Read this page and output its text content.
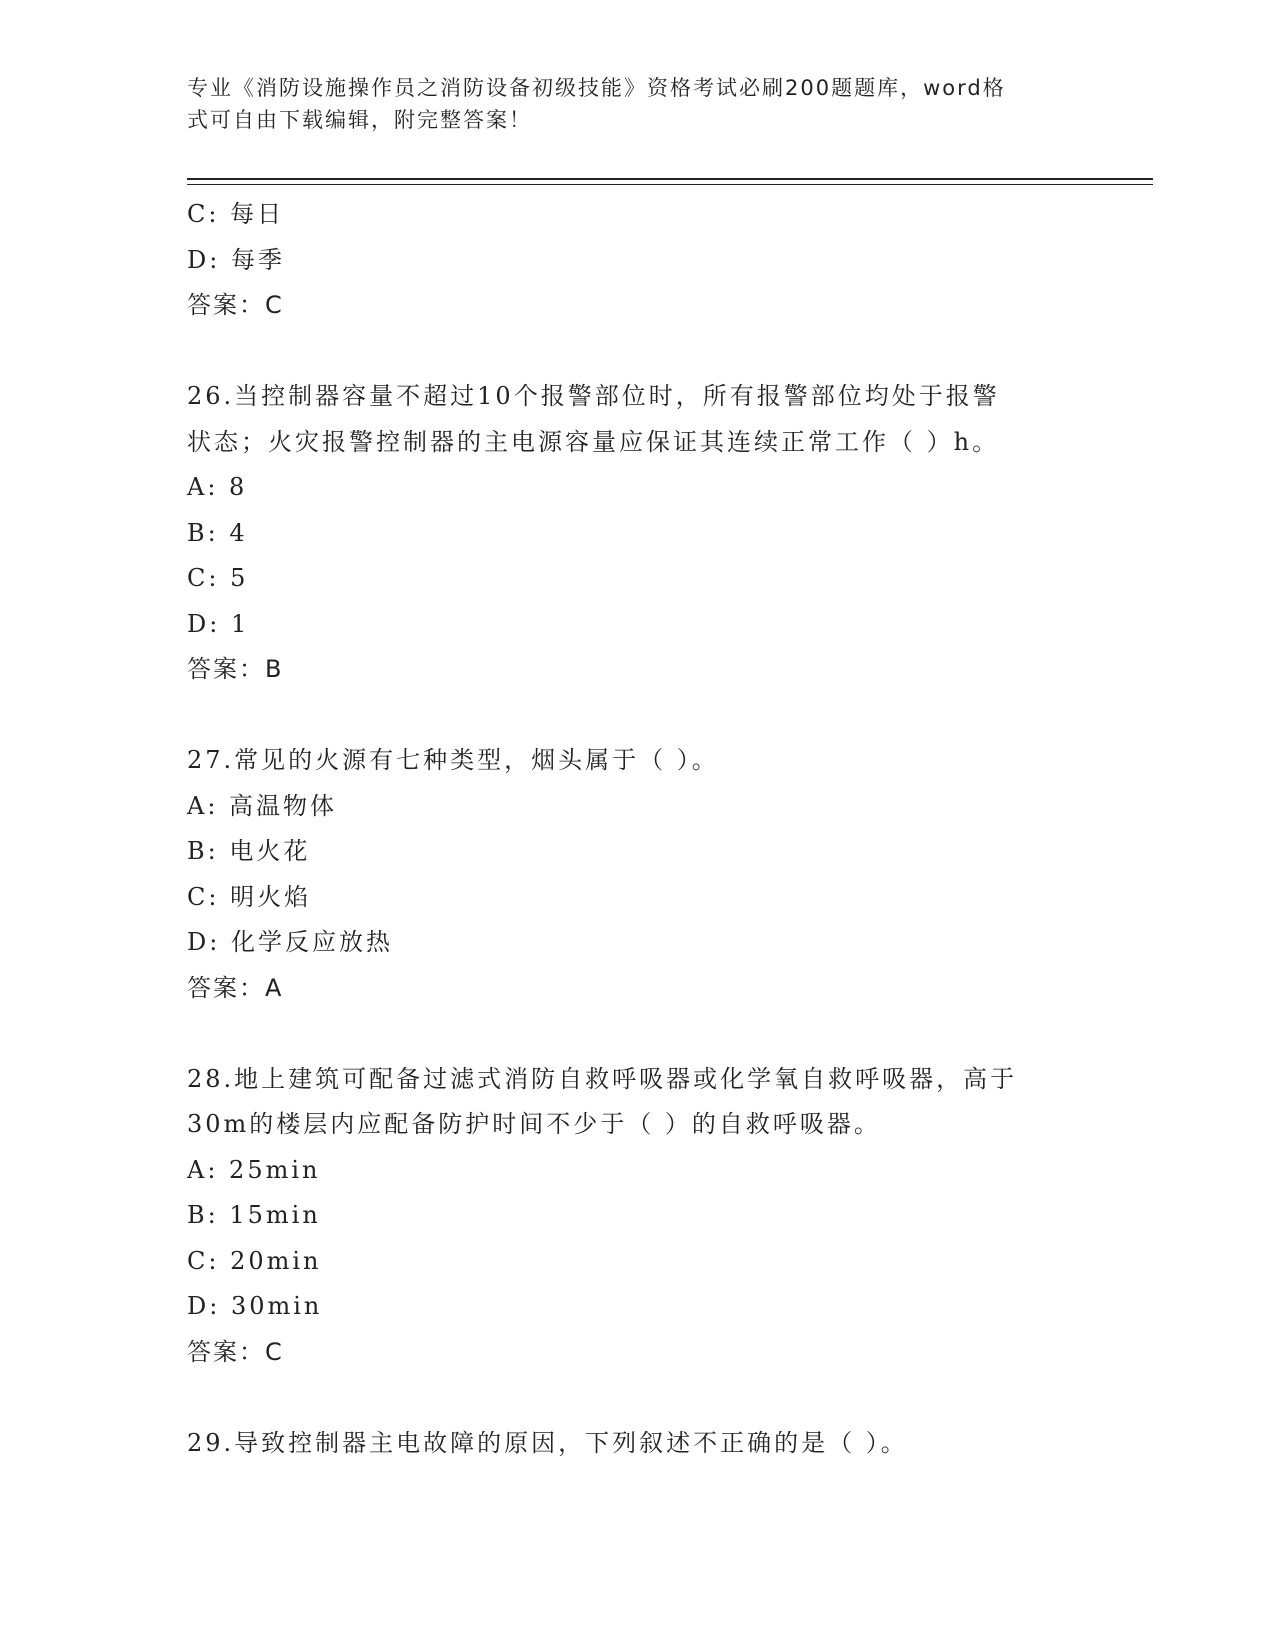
专业《消防设施操作员之消防设备初级技能》资格考试必刷200题题库，word格
式可自由下载编辑，附完整答案！
C: 每日
D: 每季
答案：C
26.当控制器容量不超过10个报警部位时，所有报警部位均处于报警
状态；火灾报警控制器的主电源容量应保证其连续正常工作（ ）h。
A: 8
B: 4
C: 5
D: 1
答案：B
27.常见的火源有七种类型，烟头属于（ ）。
A: 高温物体
B: 电火花
C: 明火焰
D: 化学反应放热
答案：A
28.地上建筑可配备过滤式消防自救呼吸器或化学氧自救呼吸器，高于
30m的楼层内应配备防护时间不少于（ ）的自救呼吸器。
A: 25min
B: 15min
C: 20min
D: 30min
答案：C
29.导致控制器主电故障的原因，下列叙述不正确的是（ ）。
